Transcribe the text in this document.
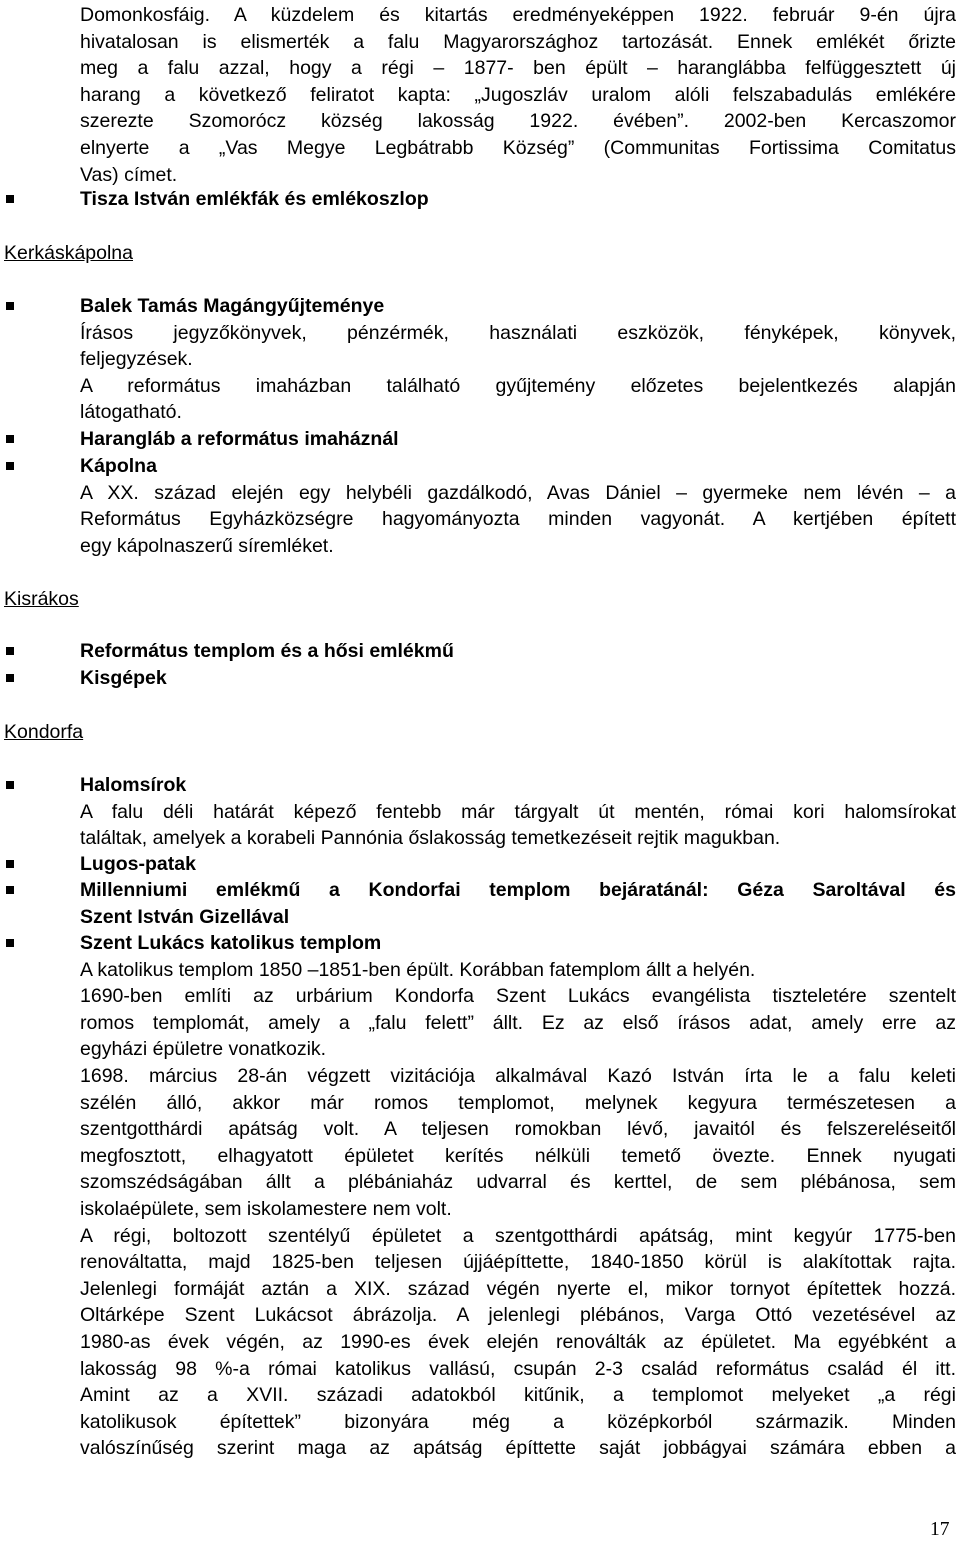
Domonkosfáig. A küzdelem és kitartás eredményeképpen 1922. február 9-én újra

hivatalosan is elismerték a falu Magyarországhoz tartozását. Ennek emlékét őrizte

meg a falu azzal, hogy a régi – 1877- ben épült – haranglábba felfüggesztett új

harang a következő feliratot kapta: „Jugoszláv uralom alóli felszabadulás emlékére

szerezte Szomorócz község lakosság 1922. évében”. 2002-ben Kercaszomor

elnyerte a „Vas Megye Legbátrabb Község” (Communitas Fortissima Comitatus

Vas) címet.

Tisza István emlékfák és emlékoszlop
Kerkáskápolna

Balek Tamás Magángyűjteménye

Írásos jegyzőkönyvek, pénzérmék, használati eszközök, fényképek, könyvek,

feljegyzések.

A református imaházban található gyűjtemény előzetes bejelentkezés alapján

látogatható.

Harangláb a református imaháznál

Kápolna

A XX. század elején egy helybéli gazdálkodó, Avas Dániel – gyermeke nem lévén – a

Református Egyházközségre hagyományozta minden vagyonát. A kertjében épített

egy kápolnaszerű síremléket.

Kisrákos
Református templom és a hősi emlékmű
Kisgépek
Kondorfa

Halomsírok

A falu déli határát képező fentebb már tárgyalt út mentén, római kori halomsírokat

találtak, amelyek a korabeli Pannónia őslakosság temetkezéseit rejtik magukban.

Lugos-patak

Millenniumi emlékmű a Kondorfai templom bejáratánál: Géza Saroltával és

Szent István Gizellával

Szent Lukács katolikus templom

A katolikus templom 1850 –1851-ben épült. Korábban fatemplom állt a helyén.

1690-ben említi az urbárium Kondorfa Szent Lukács evangélista tiszteletére szentelt

romos templomát, amely a „falu felett” állt. Ez az első írásos adat, amely erre az

egyházi épületre vonatkozik.

1698. március 28-án végzett vizitációja alkalmával Kazó István írta le a falu keleti

szélén álló, akkor már romos templomot, melynek kegyura természetesen a

szentgotthárdi apátság volt. A teljesen romokban lévő, javaitól és felszereléseitől

megfosztott, elhagyatott épületet kerítés nélküli temető övezte. Ennek nyugati

szomszédságában állt a plébániaház udvarral és kerttel, de sem plébánosa, sem

iskolaépülete, sem iskolamestere nem volt.

A régi, boltozott szentélyű épületet a szentgotthárdi apátság, mint kegyúr 1775-ben

renováltatta, majd 1825-ben teljesen újjáépíttette, 1840-1850 körül is alakítottak rajta.

Jelenlegi formáját aztán a XIX. század végén nyerte el, mikor tornyot építettek hozzá.

Oltárképe Szent Lukácsot ábrázolja. A jelenlegi plébános, Varga Ottó vezetésével az

1980-as évek végén, az 1990-es évek elején renoválták az épületet. Ma egyébként a

lakosság 98 %-a római katolikus vallású, csupán 2-3 család református család él itt.

Amint az a XVII. századi adatokból kitűnik, a templomot melyeket „a régi

katolikusok építettek” bizonyára még a középkorból származik. Minden

valószínűség szerint maga az apátság építtette saját jobbágyai számára ebben a

17
